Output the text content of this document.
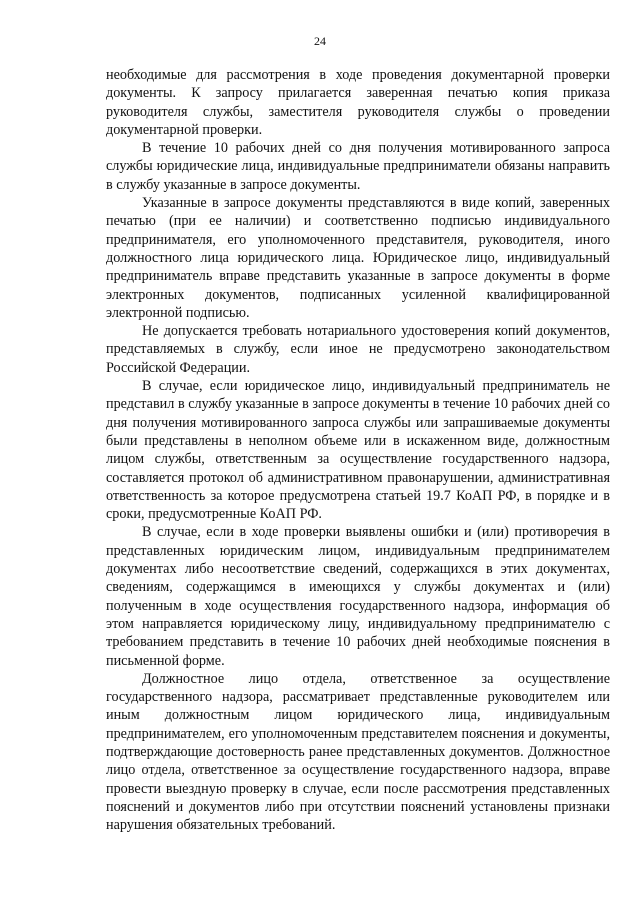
24

необходимые для рассмотрения в ходе проведения документарной проверки документы. К запросу прилагается заверенная печатью копия приказа руководителя службы, заместителя руководителя службы о проведении документарной проверки.

В течение 10 рабочих дней со дня получения мотивированного запроса службы юридические лица, индивидуальные предприниматели обязаны направить в службу указанные в запросе документы.

Указанные в запросе документы представляются в виде копий, заверенных печатью (при ее наличии) и соответственно подписью индивидуального предпринимателя, его уполномоченного представителя, руководителя, иного должностного лица юридического лица. Юридическое лицо, индивидуальный предприниматель вправе представить указанные в запросе документы в форме электронных документов, подписанных усиленной квалифицированной электронной подписью.

Не допускается требовать нотариального удостоверения копий документов, представляемых в службу, если иное не предусмотрено законодательством Российской Федерации.

В случае, если юридическое лицо, индивидуальный предприниматель не представил в службу указанные в запросе документы в течение 10 рабочих дней со дня получения мотивированного запроса службы или запрашиваемые документы были представлены в неполном объеме или в искаженном виде, должностным лицом службы, ответственным за осуществление государственного надзора, составляется протокол об административном правонарушении, административная ответственность за которое предусмотрена статьей 19.7 КоАП РФ, в порядке и в сроки, предусмотренные КоАП РФ.

В случае, если в ходе проверки выявлены ошибки и (или) противоречия в представленных юридическим лицом, индивидуальным предпринимателем документах либо несоответствие сведений, содержащихся в этих документах, сведениям, содержащимся в имеющихся у службы документах и (или) полученным в ходе осуществления государственного надзора, информация об этом направляется юридическому лицу, индивидуальному предпринимателю с требованием представить в течение 10 рабочих дней необходимые пояснения в письменной форме.

Должностное лицо отдела, ответственное за осуществление государственного надзора, рассматривает представленные руководителем или иным должностным лицом юридического лица, индивидуальным предпринимателем, его уполномоченным представителем пояснения и документы, подтверждающие достоверность ранее представленных документов. Должностное лицо отдела, ответственное за осуществление государственного надзора, вправе провести выездную проверку в случае, если после рассмотрения представленных пояснений и документов либо при отсутствии пояснений установлены признаки нарушения обязательных требований.
